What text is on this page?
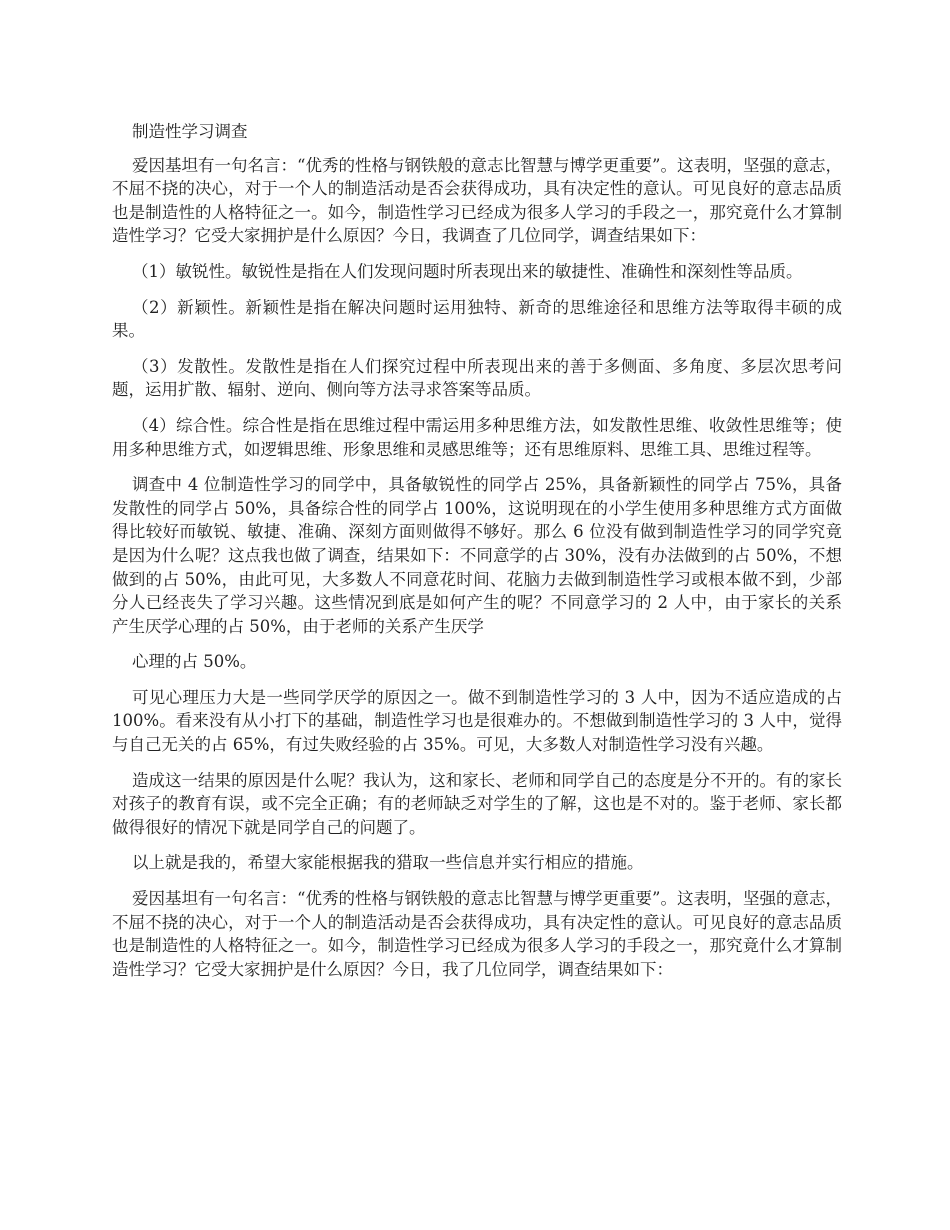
制造性学习调查

爱因基坦有一句名言：“优秀的性格与钢铁般的意志比智慧与博学更重要”。这表明，坚强的意志，不屈不挠的决心，对于一个人的制造活动是否会获得成功，具有决定性的意认。可见良好的意志品质也是制造性的人格特征之一。如今，制造性学习已经成为很多人学习的手段之一，那究竟什么才算制造性学习？它受大家拥护是什么原因？今日，我调查了几位同学，调查结果如下：

（1）敏锐性。敏锐性是指在人们发现问题时所表现出来的敏捷性、准确性和深刻性等品质。

（2）新颖性。新颖性是指在解决问题时运用独特、新奇的思维途径和思维方法等取得丰硕的成果。

（3）发散性。发散性是指在人们探究过程中所表现出来的善于多侧面、多角度、多层次思考问题，运用扩散、辐射、逆向、侧向等方法寻求答案等品质。

（4）综合性。综合性是指在思维过程中需运用多种思维方法，如发散性思维、收敛性思维等；使用多种思维方式，如逻辑思维、形象思维和灵感思维等；还有思维原料、思维工具、思维过程等。

调查中 4 位制造性学习的同学中，具备敏锐性的同学占 25%，具备新颖性的同学占 75%，具备发散性的同学占 50%，具备综合性的同学占 100%，这说明现在的小学生使用多种思维方式方面做得比较好而敏锐、敏捷、准确、深刻方面则做得不够好。那么 6 位没有做到制造性学习的同学究竟是因为什么呢？这点我也做了调查，结果如下：不同意学的占 30%，没有办法做到的占 50%，不想做到的占 50%，由此可见，大多数人不同意花时间、花脑力去做到制造性学习或根本做不到，少部分人已经丧失了学习兴趣。这些情况到底是如何产生的呢？不同意学习的 2 人中，由于家长的关系产生厌学心理的占 50%，由于老师的关系产生厌学

心理的占 50%。

可见心理压力大是一些同学厌学的原因之一。做不到制造性学习的 3 人中，因为不适应造成的占 100%。看来没有从小打下的基础，制造性学习也是很难办的。不想做到制造性学习的 3 人中，觉得与自己无关的占 65%，有过失败经验的占 35%。可见，大多数人对制造性学习没有兴趣。

造成这一结果的原因是什么呢？我认为，这和家长、老师和同学自己的态度是分不开的。有的家长对孩子的教育有误，或不完全正确；有的老师缺乏对学生的了解，这也是不对的。鉴于老师、家长都做得很好的情况下就是同学自己的问题了。

以上就是我的，希望大家能根据我的猎取一些信息并实行相应的措施。

爱因基坦有一句名言：“优秀的性格与钢铁般的意志比智慧与博学更重要”。这表明，坚强的意志，不屈不挠的决心，对于一个人的制造活动是否会获得成功，具有决定性的意认。可见良好的意志品质也是制造性的人格特征之一。如今，制造性学习已经成为很多人学习的手段之一，那究竟什么才算制造性学习？它受大家拥护是什么原因？今日，我了几位同学，调查结果如下：
